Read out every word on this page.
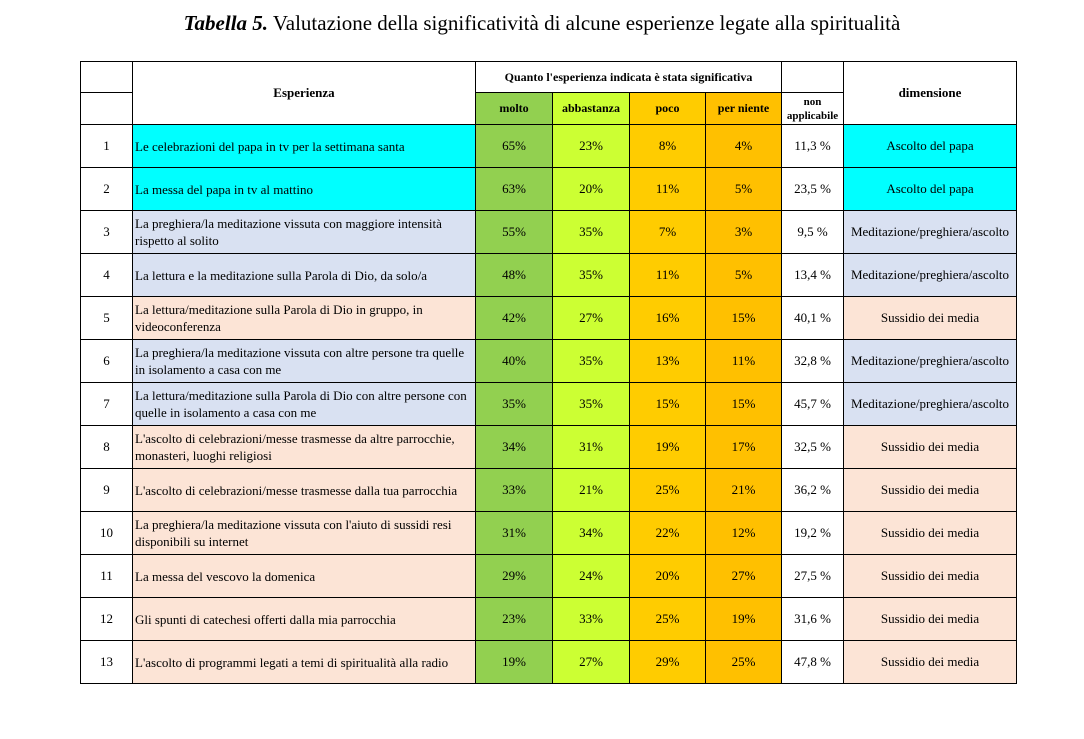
Tabella 5. Valutazione della significatività di alcune esperienze legate alla spiritualità
	Esperienza	Quanto l'esperienza indicata è stata significativa					dimensione
		molto	abbastanza	poco	per niente	non applicabile	
1	Le celebrazioni del papa in tv per la settimana santa	65%	23%	8%	4%	11,3 %	Ascolto del papa
2	La messa del papa in tv al mattino	63%	20%	11%	5%	23,5 %	Ascolto del papa
3	La preghiera/la meditazione vissuta con maggiore intensità rispetto al solito	55%	35%	7%	3%	9,5 %	Meditazione/preghiera/ascolto
4	La lettura e la meditazione sulla Parola di Dio, da solo/a	48%	35%	11%	5%	13,4 %	Meditazione/preghiera/ascolto
5	La lettura/meditazione sulla Parola di Dio in gruppo, in videoconferenza	42%	27%	16%	15%	40,1 %	Sussidio dei media
6	La preghiera/la meditazione vissuta con altre persone tra quelle in isolamento a casa con me	40%	35%	13%	11%	32,8 %	Meditazione/preghiera/ascolto
7	La lettura/meditazione sulla Parola di Dio con altre persone con quelle in isolamento a casa con me	35%	35%	15%	15%	45,7 %	Meditazione/preghiera/ascolto
8	L'ascolto di celebrazioni/messe trasmesse da altre parrocchie, monasteri, luoghi religiosi	34%	31%	19%	17%	32,5 %	Sussidio dei media
9	L'ascolto di celebrazioni/messe trasmesse dalla tua parrocchia	33%	21%	25%	21%	36,2 %	Sussidio dei media
10	La preghiera/la meditazione vissuta con l'aiuto di sussidi resi disponibili su internet	31%	34%	22%	12%	19,2 %	Sussidio dei media
11	La messa del vescovo la domenica	29%	24%	20%	27%	27,5 %	Sussidio dei media
12	Gli spunti di catechesi offerti dalla mia parrocchia	23%	33%	25%	19%	31,6 %	Sussidio dei media
13	L'ascolto di programmi legati a temi di spiritualità alla radio	19%	27%	29%	25%	47,8 %	Sussidio dei media
